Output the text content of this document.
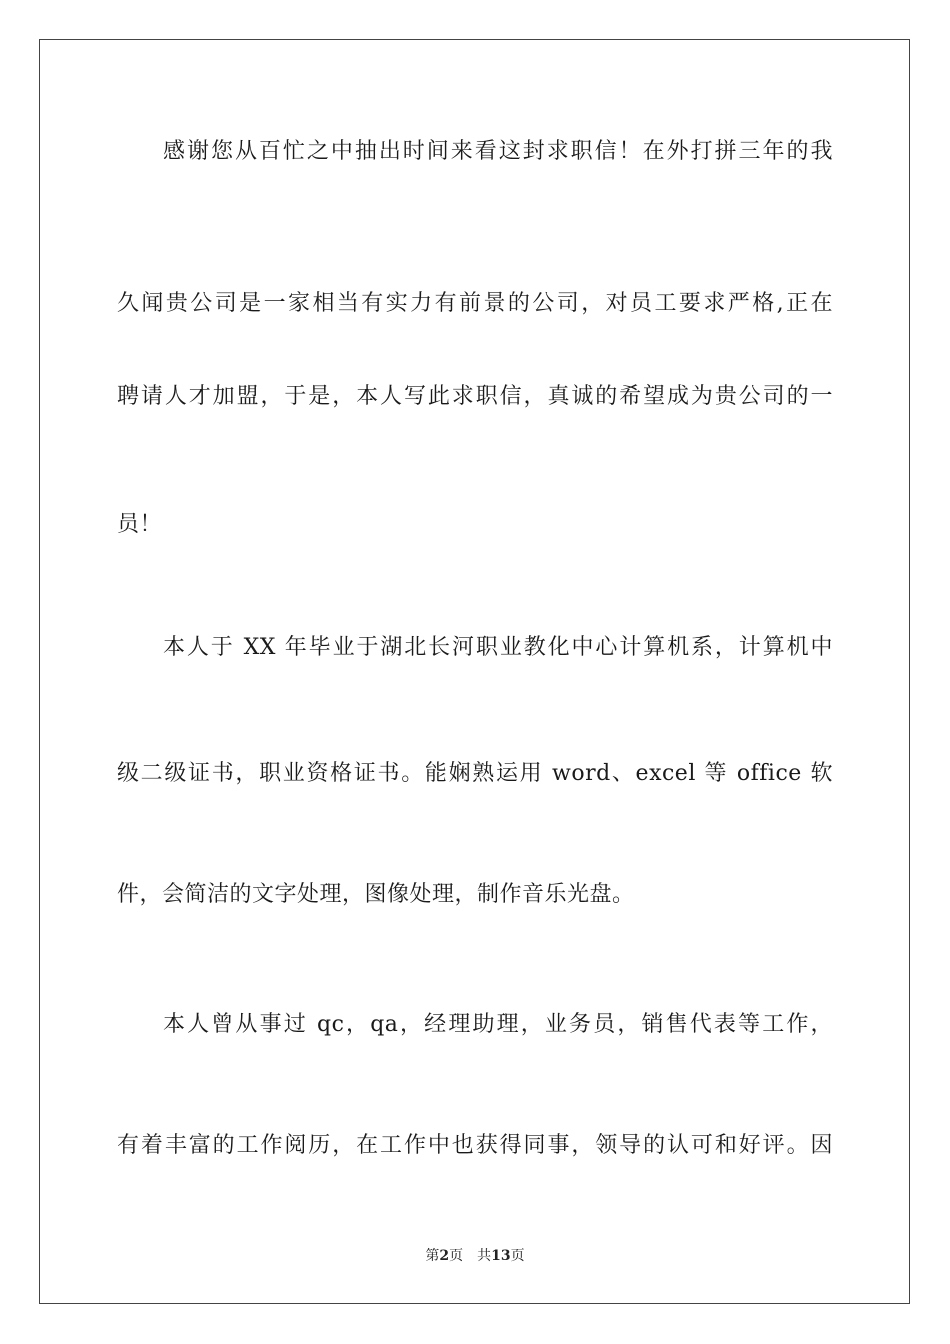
感谢您从百忙之中抽出时间来看这封求职信！在外打拼三年的我
久闻贵公司是一家相当有实力有前景的公司，对员工要求严格,正在
聘请人才加盟，于是，本人写此求职信，真诚的希望成为贵公司的一
员！
本人于 XX 年毕业于湖北长河职业教化中心计算机系，计算机中
级二级证书，职业资格证书。能娴熟运用 word、excel 等 office 软
件，会简洁的文字处理，图像处理，制作音乐光盘。
本人曾从事过 qc，qa，经理助理，业务员，销售代表等工作，
有着丰富的工作阅历，在工作中也获得同事，领导的认可和好评。因
第2页 共13页
